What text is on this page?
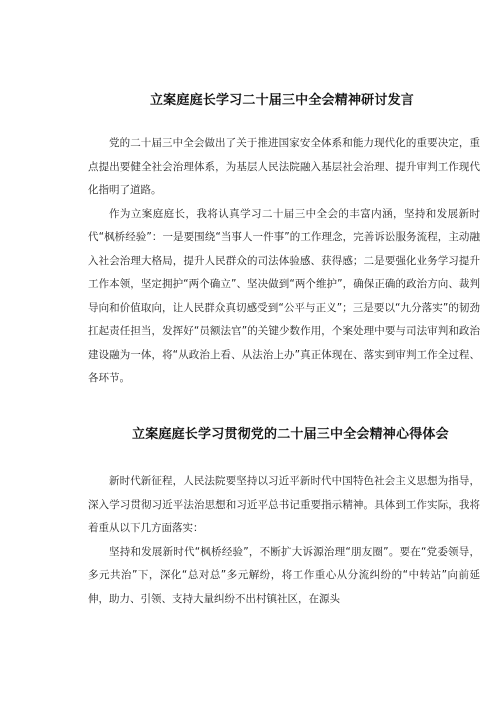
立案庭庭长学习二十届三中全会精神研讨发言

党的二十届三中全会做出了关于推进国家安全体系和能力现代化的重要决定，重点提出要健全社会治理体系，为基层人民法院融入基层社会治理、提升审判工作现代化指明了道路。

作为立案庭庭长，我将认真学习二十届三中全会的丰富内涵，坚持和发展新时代“枫桥经验”：一是要围绕“当事人一件事”的工作理念，完善诉讼服务流程，主动融入社会治理大格局，提升人民群众的司法体验感、获得感；二是要强化业务学习提升工作本领，坚定拥护“两个确立”、坚决做到“两个维护”，确保正确的政治方向、裁判导向和价值取向，让人民群众真切感受到“公平与正义”；三是要以“九分落实”的韧劲扛起责任担当，发挥好“员额法官”的关键少数作用，个案处理中要与司法审判和政治建设融为一体，将“从政治上看、从法治上办”真正体现在、落实到审判工作全过程、各环节。

立案庭庭长学习贯彻党的二十届三中全会精神心得体会

新时代新征程，人民法院要坚持以习近平新时代中国特色社会主义思想为指导，深入学习贯彻习近平法治思想和习近平总书记重要指示精神。具体到工作实际，我将着重从以下几方面落实：

坚持和发展新时代“枫桥经验”，不断扩大诉源治理“朋友圈”。要在“党委领导，多元共治”下，深化“总对总”多元解纷，将工作重心从分流纠纷的“中转站”向前延伸，助力、引领、支持大量纠纷不出村镇社区，在源头
